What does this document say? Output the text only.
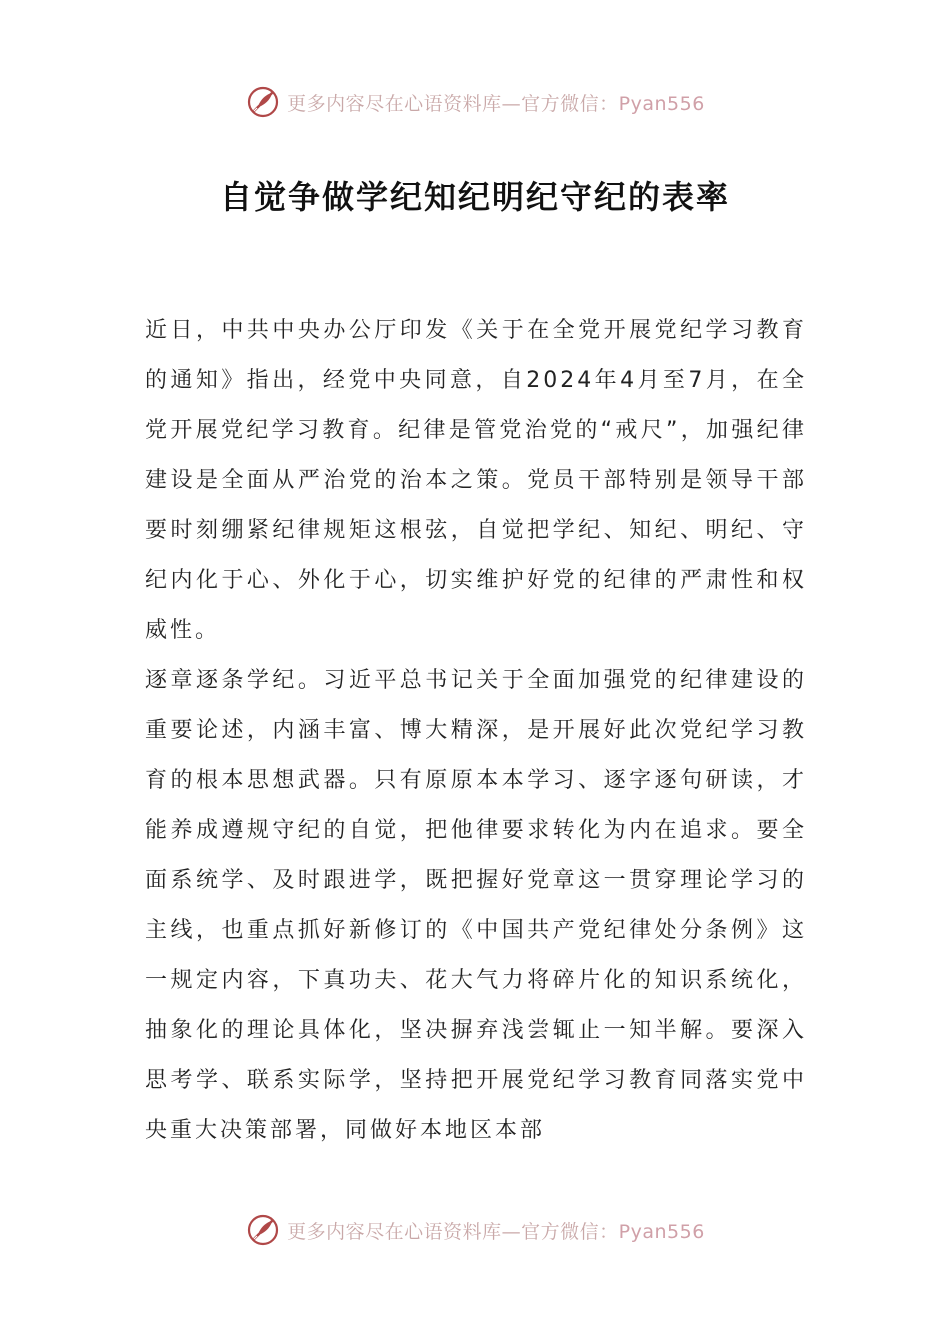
更多内容尽在心语资料库—官方微信：Pyan556
自觉争做学纪知纪明纪守纪的表率

近日，中共中央办公厅印发《关于在全党开展党纪学习教育的通知》指出，经党中央同意，自2024年4月至7月，在全党开展党纪学习教育。纪律是管党治党的“戒尺”，加强纪律建设是全面从严治党的治本之策。党员干部特别是领导干部要时刻绷紧纪律规矩这根弦，自觉把学纪、知纪、明纪、守纪内化于心、外化于心，切实维护好党的纪律的严肃性和权威性。

逐章逐条学纪。习近平总书记关于全面加强党的纪律建设的重要论述，内涵丰富、博大精深，是开展好此次党纪学习教育的根本思想武器。只有原原本本学习、逐字逐句研读，才能养成遵规守纪的自觉，把他律要求转化为内在追求。要全面系统学、及时跟进学，既把握好党章这一贯穿理论学习的主线，也重点抓好新修订的《中国共产党纪律处分条例》这一规定内容，下真功夫、花大气力将碎片化的知识系统化，抽象化的理论具体化，坚决摒弃浅尝辄止一知半解。要深入思考学、联系实际学，坚持把开展党纪学习教育同落实党中央重大决策部署，同做好本地区本部

更多内容尽在心语资料库—官方微信：Pyan556
